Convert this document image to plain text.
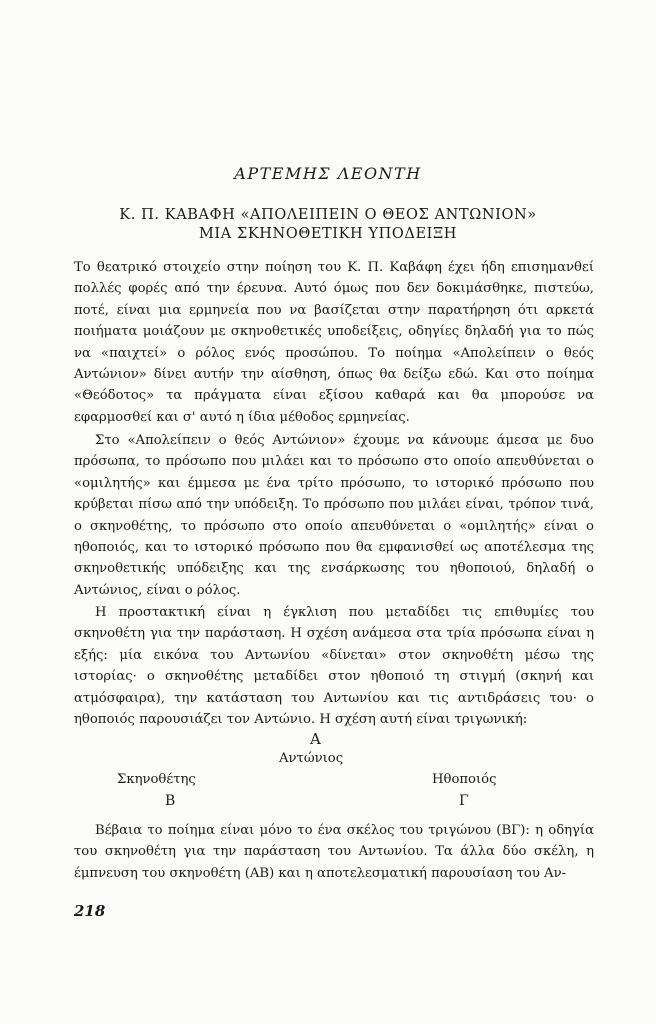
ΑΡΤΕΜΗΣ ΛΕΟΝΤΗ
Κ. Π. ΚΑΒΑΦΗ «ΑΠΟΛΕΙΠΕΙΝ Ο ΘΕΟΣ ΑΝΤΩΝΙΟΝ»
ΜΙΑ ΣΚΗΝΟΘΕΤΙΚΗ ΥΠΟΔΕΙΞΗ

Το θεατρικό στοιχείο στην ποίηση του Κ. Π. Καβάφη έχει ήδη επισημανθεί πολλές φορές από την έρευνα. Αυτό όμως που δεν δοκιμάσθηκε, πιστεύω, ποτέ, είναι μια ερμηνεία που να βασίζεται στην παρατήρηση ότι αρκετά ποιήματα μοιάζουν με σκηνοθετικές υποδείξεις, οδηγίες δηλαδή για το πώς να «παιχτεί» ο ρόλος ενός προσώπου. Το ποίημα «Απολείπειν ο θεός Αντώνιον» δίνει αυτήν την αίσθηση, όπως θα δείξω εδώ. Και στο ποίημα «Θεόδοτος» τα πράγματα είναι εξίσου καθαρά και θα μπορούσε να εφαρμοσθεί και σ' αυτό η ίδια μέθοδος ερμηνείας.

Στο «Απολείπειν ο θεός Αντώνιον» έχουμε να κάνουμε άμεσα με δυο πρόσωπα, το πρόσωπο που μιλάει και το πρόσωπο στο οποίο απευθύνεται ο «ομιλητής» και έμμεσα με ένα τρίτο πρόσωπο, το ιστορικό πρόσωπο που κρύβεται πίσω από την υπόδειξη. Το πρόσωπο που μιλάει είναι, τρόπον τινά, ο σκηνοθέτης, το πρόσωπο στο οποίο απευθύνεται ο «ομιλητής» είναι ο ηθοποιός, και το ιστορικό πρόσωπο που θα εμφανισθεί ως αποτέλεσμα της σκηνοθετικής υπόδειξης και της ενσάρκωσης του ηθοποιού, δηλαδή ο Αντώνιος, είναι ο ρόλος.

Η προστακτική είναι η έγκλιση που μεταδίδει τις επιθυμίες του σκηνοθέτη για την παράσταση. Η σχέση ανάμεσα στα τρία πρόσωπα είναι η εξής: μία εικόνα του Αντωνίου «δίνεται» στον σκηνοθέτη μέσω της ιστορίας· ο σκηνοθέτης μεταδίδει στον ηθοποιό τη στιγμή (σκηνή και ατμόσφαιρα), την κατάσταση του Αντωνίου και τις αντιδράσεις του· ο ηθοποιός παρουσιάζει τον Αντώνιο. Η σχέση αυτή είναι τριγωνική:

Α
Αντώνιος
Σκηνοθέτης
Β
Ηθοποιός
Γ

Βέβαια το ποίημα είναι μόνο το ένα σκέλος του τριγώνου (ΒΓ): η οδηγία του σκηνοθέτη για την παράσταση του Αντωνίου. Τα άλλα δύο σκέλη, η έμπνευση του σκηνοθέτη (ΑΒ) και η αποτελεσματική παρουσίαση του Αν-

218
